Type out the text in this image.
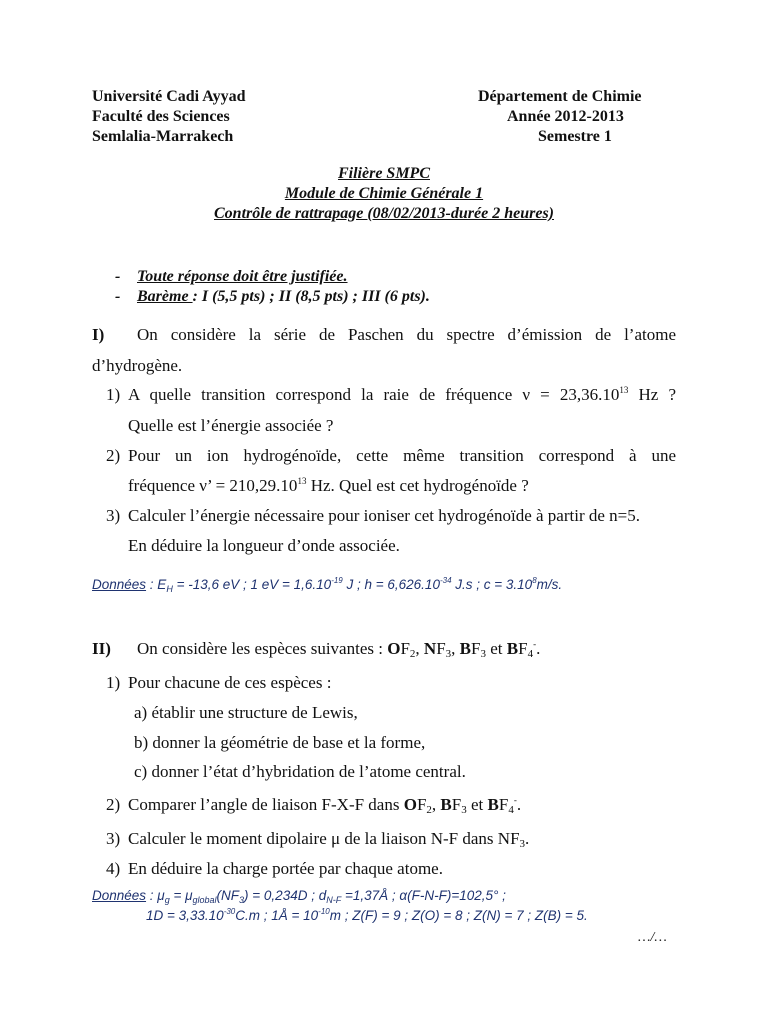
Université Cadi Ayyad
Faculté des Sciences
Semlalia-Marrakech
Département de Chimie
Année 2012-2013
Semestre 1
Filière SMPC
Module de Chimie Générale 1
Contrôle de rattrapage (08/02/2013-durée 2 heures)
- Toute réponse doit être justifiée.
- Barème : I (5,5 pts) ; II (8,5 pts) ; III (6 pts).
I)	On considère la série de Paschen du spectre d’émission de l’atome
d’hydrogène.
1) A quelle transition correspond la raie de fréquence $\nu = 23,36.10^{13}$ Hz ?
Quelle est l’énergie associée ?
2) Pour un ion hydrogénoïde, cette même transition correspond à une
fréquence ν’ = $210,29.10^{13}$ Hz. Quel est cet hydrogénoïde ?
3) Calculer l’énergie nécessaire pour ioniser cet hydrogénoïde à partir de n=5.
En déduire la longueur d’onde associée.
Données : $E_H = -13,6$ eV ; 1 eV = $1,6.10^{-19}$ J ; $h = 6,626.10^{-34}$ J.s ; $c = 3.10^8m/s$.
II) On considère les espèces suivantes : $OF_2$, $NF_3$, $BF_3$ et $BF_4^-$.
1) Pour chacune de ces espèces :
a) établir une structure de Lewis,
b) donner la géométrie de base et la forme,
c) donner l’état d’hybridation de l’atome central.
2) Comparer l’angle de liaison F-X-F dans $OF_2$, $BF_3$ et $BF_4^-$.
3) Calculer le moment dipolaire μ de la liaison N-F dans $NF_3$.
4) En déduire la charge portée par chaque atome.
Données : $\mu_g = \mu_{global}(NF_3) = 0,234D$ ; $d_{N-F}$ =1,37Å ; α(F-N-F)=102,5° ;
$1D = 3,33.10^{-30}C.m$ ; 1Å = $10^{-10}m$ ; Z(F) = 9 ; Z(O) = 8 ; Z(N) = 7 ; Z(B) = 5.
…/…
